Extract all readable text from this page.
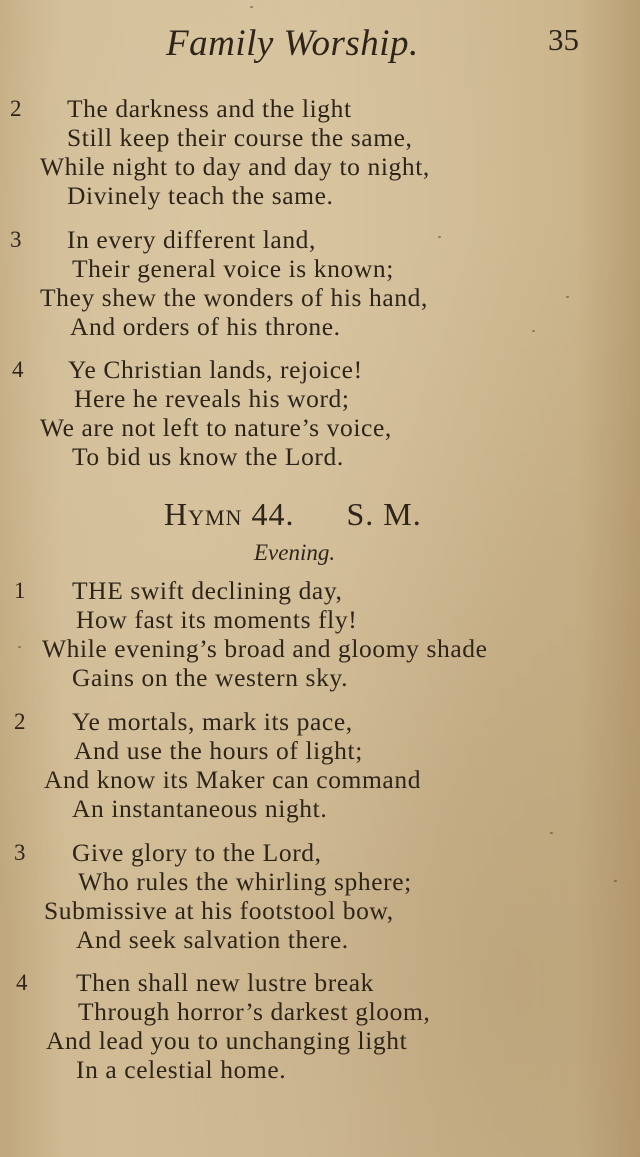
Family Worship.	35
2 The darkness and the light
Still keep their course the same,
While night to day and day to night,
Divinely teach the same.
3 In every different land,
Their general voice is known;
They shew the wonders of his hand,
And orders of his throne.
4 Ye Christian lands, rejoice!
Here he reveals his word;
We are not left to nature’s voice,
To bid us know the Lord.
Hymn 44. S. M.
Evening.
1 THE swift declining day,
How fast its moments fly!
While evening’s broad and gloomy shade
Gains on the western sky.
2 Ye mortals, mark its pace,
And use the hours of light;
And know its Maker can command
An instantaneous night.
3 Give glory to the Lord,
Who rules the whirling sphere;
Submissive at his footstool bow,
And seek salvation there.
4 Then shall new lustre break
Through horror’s darkest gloom,
And lead you to unchanging light
In a celestial home.
